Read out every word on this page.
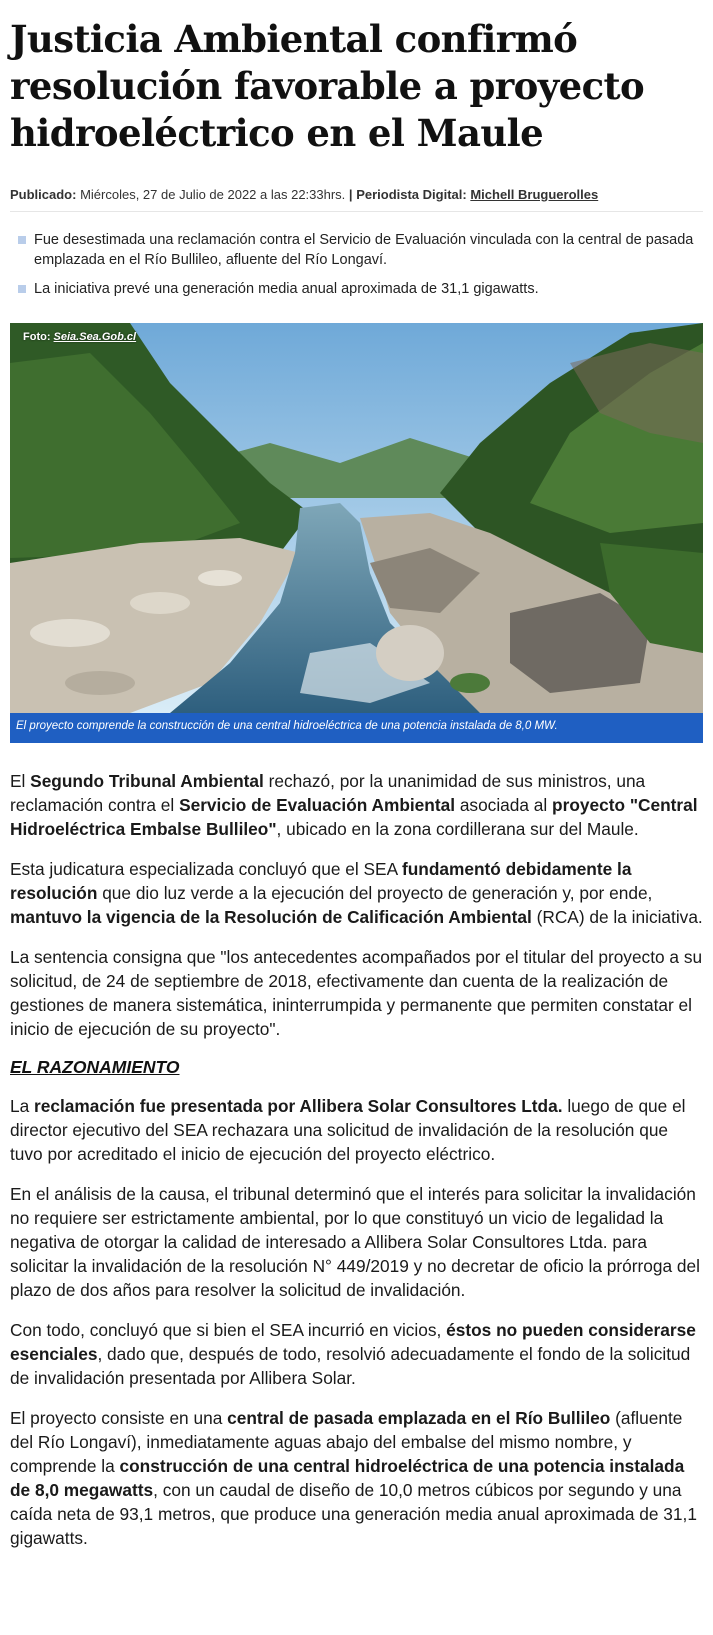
Justicia Ambiental confirmó resolución favorable a proyecto hidroeléctrico en el Maule
Publicado: Miércoles, 27 de Julio de 2022 a las 22:33hrs. | Periodista Digital: Michell Bruguerolles
Fue desestimada una reclamación contra el Servicio de Evaluación vinculada con la central de pasada emplazada en el Río Bullileo, afluente del Río Longaví.
La iniciativa prevé una generación media anual aproximada de 31,1 gigawatts.
Foto: Seia.Sea.Gob.cl
El proyecto comprende la construcción de una central hidroeléctrica de una potencia instalada de 8,0 MW.

El Segundo Tribunal Ambiental rechazó, por la unanimidad de sus ministros, una reclamación contra el Servicio de Evaluación Ambiental asociada al proyecto "Central Hidroeléctrica Embalse Bullileo", ubicado en la zona cordillerana sur del Maule.

Esta judicatura especializada concluyó que el SEA fundamentó debidamente la resolución que dio luz verde a la ejecución del proyecto de generación y, por ende, mantuvo la vigencia de la Resolución de Calificación Ambiental (RCA) de la iniciativa.

La sentencia consigna que "los antecedentes acompañados por el titular del proyecto a su solicitud, de 24 de septiembre de 2018, efectivamente dan cuenta de la realización de gestiones de manera sistemática, ininterrumpida y permanente que permiten constatar el inicio de ejecución de su proyecto".

EL RAZONAMIENTO

La reclamación fue presentada por Allibera Solar Consultores Ltda. luego de que el director ejecutivo del SEA rechazara una solicitud de invalidación de la resolución que tuvo por acreditado el inicio de ejecución del proyecto eléctrico.

En el análisis de la causa, el tribunal determinó que el interés para solicitar la invalidación no requiere ser estrictamente ambiental, por lo que constituyó un vicio de legalidad la negativa de otorgar la calidad de interesado a Allibera Solar Consultores Ltda. para solicitar la invalidación de la resolución N° 449/2019 y no decretar de oficio la prórroga del plazo de dos años para resolver la solicitud de invalidación.

Con todo, concluyó que si bien el SEA incurrió en vicios, éstos no pueden considerarse esenciales, dado que, después de todo, resolvió adecuadamente el fondo de la solicitud de invalidación presentada por Allibera Solar.

El proyecto consiste en una central de pasada emplazada en el Río Bullileo (afluente del Río Longaví), inmediatamente aguas abajo del embalse del mismo nombre, y comprende la construcción de una central hidroeléctrica de una potencia instalada de 8,0 megawatts, con un caudal de diseño de 10,0 metros cúbicos por segundo y una caída neta de 93,1 metros, que produce una generación media anual aproximada de 31,1 gigawatts.
